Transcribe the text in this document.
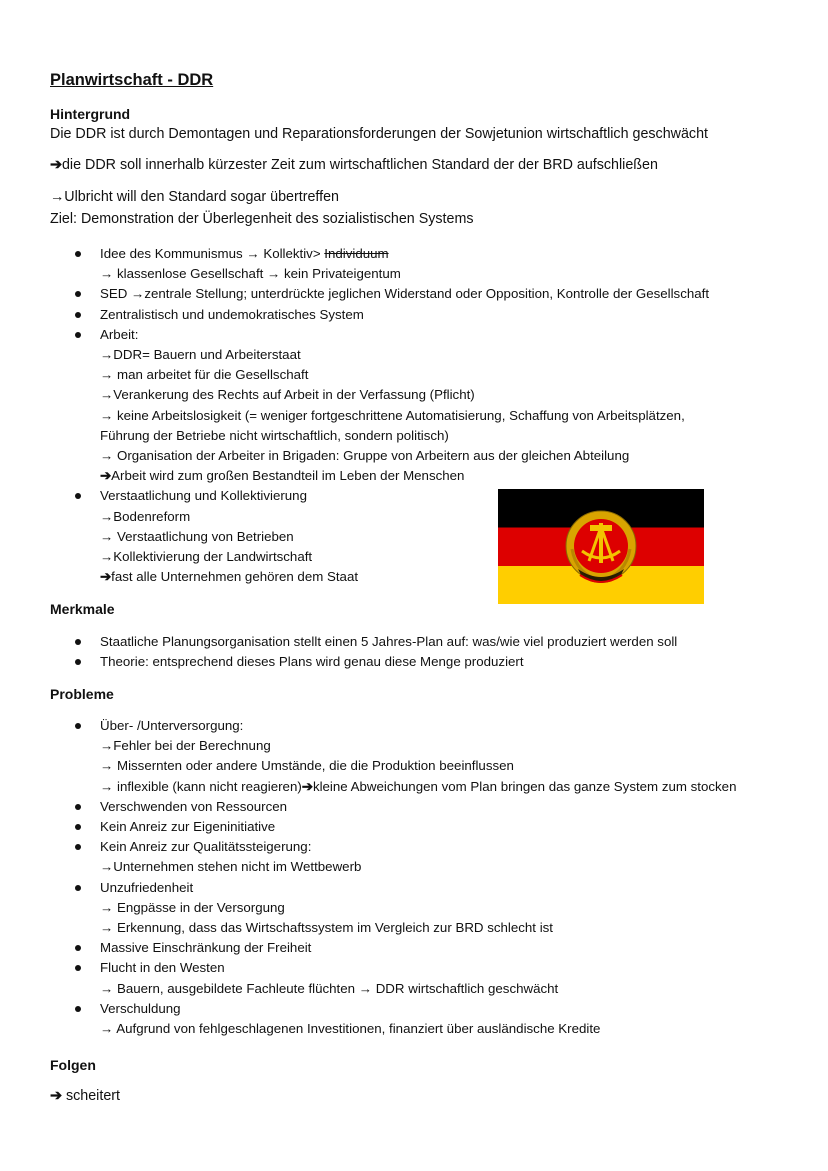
Planwirtschaft - DDR
Hintergrund
Die DDR ist durch Demontagen und Reparationsforderungen der Sowjetunion wirtschaftlich geschwächt
➔die DDR soll innerhalb kürzester Zeit zum wirtschaftlichen Standard der der BRD aufschließen
→Ulbricht will den Standard sogar übertreffen
Ziel: Demonstration der Überlegenheit des sozialistischen Systems
Idee des Kommunismus → Kollektiv> Individuum
→ klassenlose Gesellschaft → kein Privateigentum
SED →zentrale Stellung; unterdrückte jeglichen Widerstand oder Opposition, Kontrolle der Gesellschaft
Zentralistisch und undemokratisches System
Arbeit:
→DDR= Bauern und Arbeiterstaat
→ man arbeitet für die Gesellschaft
→Verankerung des Rechts auf Arbeit in der Verfassung (Pflicht)
→ keine Arbeitslosigkeit (= weniger fortgeschrittene Automatisierung, Schaffung von Arbeitsplätzen,
Führung der Betriebe nicht wirtschaftlich, sondern politisch)
→ Organisation der Arbeiter in Brigaden: Gruppe von Arbeitern aus der gleichen Abteilung
➔Arbeit wird zum großen Bestandteil im Leben der Menschen
Verstaatlichung und Kollektivierung
→Bodenreform
→ Verstaatlichung von Betrieben
→Kollektivierung der Landwirtschaft
➔fast alle Unternehmen gehören dem Staat
Merkmale
Staatliche Planungsorganisation stellt einen 5 Jahres-Plan auf: was/wie viel produziert werden soll
Theorie: entsprechend dieses Plans wird genau diese Menge produziert
Probleme
Über- /Unterversorgung:
→Fehler bei der Berechnung
→ Missernten oder andere Umstände, die die Produktion beeinflussen
→ inflexible (kann nicht reagieren)➔kleine Abweichungen vom Plan bringen das ganze System zum stocken
Verschwenden von Ressourcen
Kein Anreiz zur Eigeninitiative
Kein Anreiz zur Qualitätssteigerung:
→Unternehmen stehen nicht im Wettbewerb
Unzufriedenheit
→ Engpässe in der Versorgung
→ Erkennung, dass das Wirtschaftssystem im Vergleich zur BRD schlecht ist
Massive Einschränkung der Freiheit
Flucht in den Westen
→ Bauern, ausgebildete Fachleute flüchten → DDR wirtschaftlich geschwächt
Verschuldung
→ Aufgrund von fehlgeschlagenen Investitionen, finanziert über ausländische Kredite
Folgen
➔ scheitert
